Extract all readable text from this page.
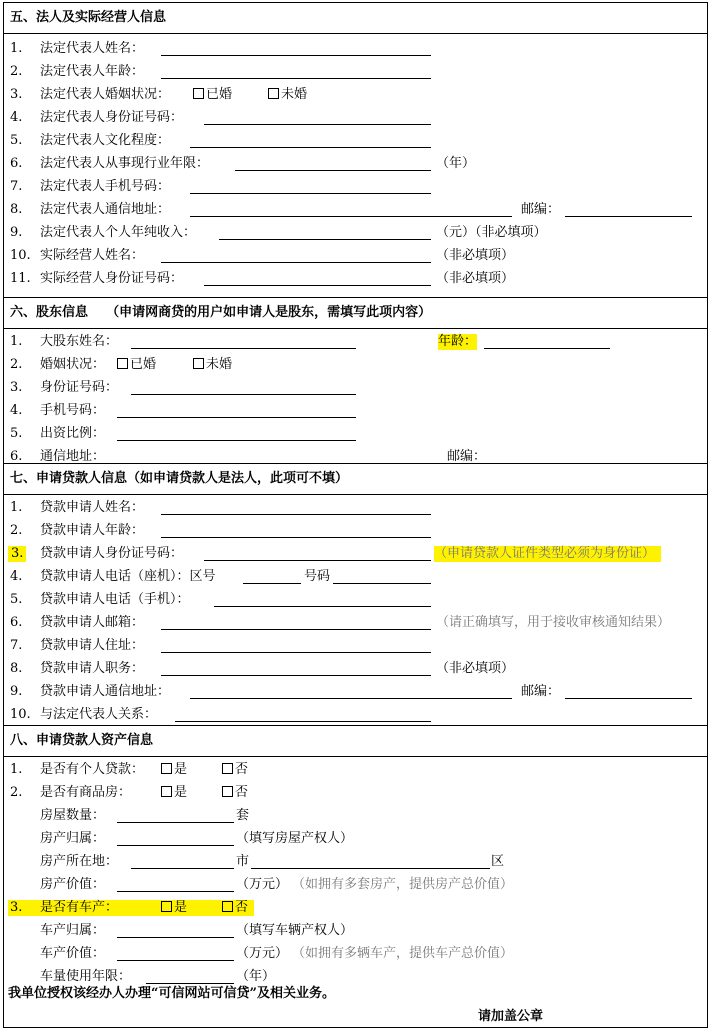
五、法人及实际经营人信息
1. 法定代表人姓名：
2. 法定代表人年龄：
3. 法定代表人婚姻状况：	已婚	未婚
4. 法定代表人身份证号码：
5. 法定代表人文化程度：
6. 法定代表人从事现行业年限：	（年）
7. 法定代表人手机号码：
8. 法定代表人通信地址：	邮编：
9. 法定代表人个人年纯收入：	（元）（非必填项）
10. 实际经营人姓名：	（非必填项）
11. 实际经营人身份证号码：	（非必填项）
六、股东信息 （申请网商贷的用户如申请人是股东，需填写此项内容）
1. 大股东姓名：	年龄：
2. 婚姻状况：	已婚	未婚
3. 身份证号码：
4. 手机号码：
5. 出资比例：
6. 通信地址：	邮编：
七、申请贷款人信息（如申请贷款人是法人，此项可不填）
1. 贷款申请人姓名：
2. 贷款申请人年龄：
3. 贷款申请人身份证号码：	（申请贷款人证件类型必须为身份证）
4. 贷款申请人电话（座机）：区号	号码
5. 贷款申请人电话（手机）：
6. 贷款申请人邮箱：	（请正确填写，用于接收审核通知结果）
7. 贷款申请人住址：
8. 贷款申请人职务：	（非必填项）
9. 贷款申请人通信地址：	邮编：
10. 与法定代表人关系：
八、申请贷款人资产信息
1. 是否有个人贷款：	是	否
2. 是否有商品房：	是	否
房屋数量：	套
房产归属：	（填写房屋产权人）
房产所在地：	市	区
房产价值：	（万元） （如拥有多套房产，提供房产总价值）
3.	是否有车产：	是	否
车产归属：	（填写车辆产权人）
车产价值：	（万元） （如拥有多辆车产，提供车产总价值）
车量使用年限：	（年）
我单位授权该经办人办理“可信网站可信贷”及相关业务。
请加盖公章
